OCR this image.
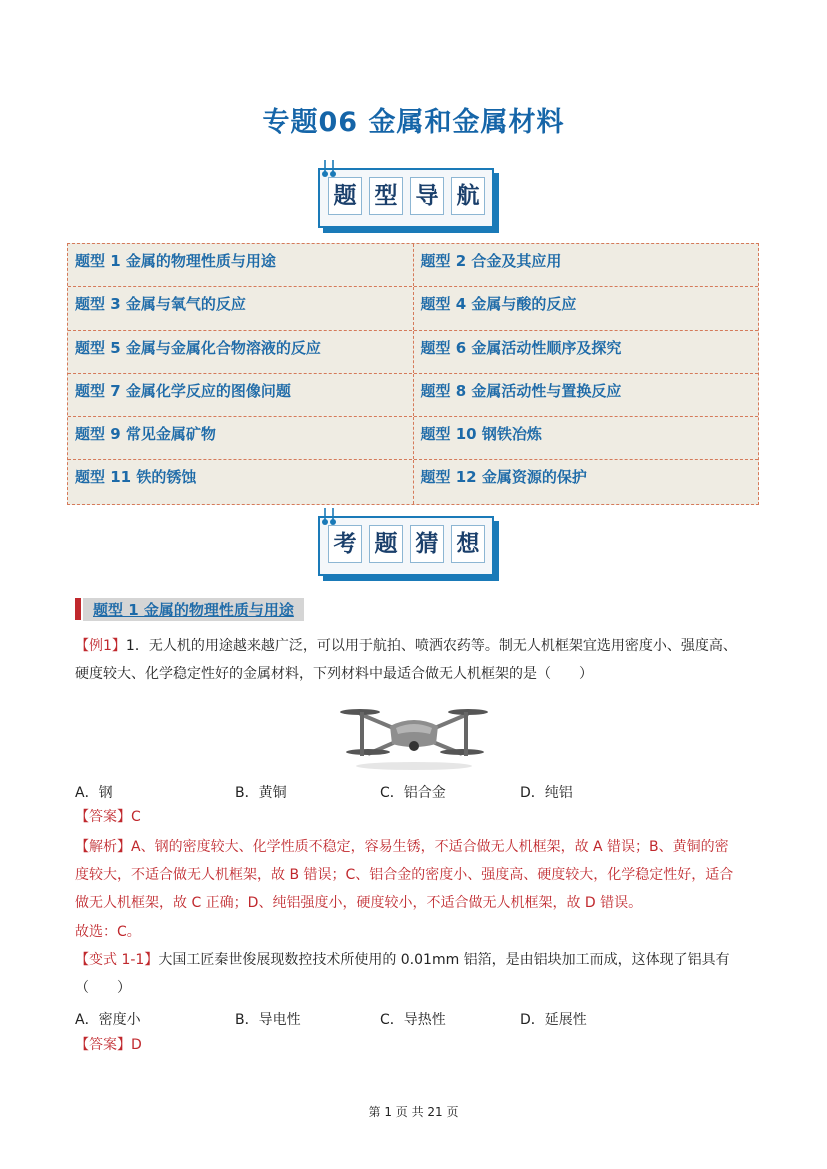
专题06 金属和金属材料
题 型 导 航
题型 1 金属的物理性质与用途	题型 2 合金及其应用
题型 3 金属与氧气的反应	题型 4 金属与酸的反应
题型 5 金属与金属化合物溶液的反应	题型 6 金属活动性顺序及探究
题型 7 金属化学反应的图像问题	题型 8 金属活动性与置换反应
题型 9 常见金属矿物	题型 10 钢铁冶炼
题型 11 铁的锈蚀	题型 12 金属资源的保护
考 题 猜 想
题型 1 金属的物理性质与用途
【例1】1．无人机的用途越来越广泛，可以用于航拍、喷洒农药等。制无人机框架宜选用密度小、强度高、
硬度较大、化学稳定性好的金属材料，下列材料中最适合做无人机框架的是（　　）
A．钢	B．黄铜	C．铝合金	D．纯铝
【答案】C
【解析】A、钢的密度较大、化学性质不稳定，容易生锈，不适合做无人机框架，故 A 错误；B、黄铜的密
度较大，不适合做无人机框架，故 B 错误；C、铝合金的密度小、强度高、硬度较大，化学稳定性好，适合
做无人机框架，故 C 正确；D、纯铝强度小，硬度较小，不适合做无人机框架，故 D 错误。
故选：C。
【变式 1-1】大国工匠秦世俊展现数控技术所使用的 0.01mm 铝箔，是由铝块加工而成，这体现了铝具有
（　　）
A．密度小	B．导电性	C．导热性	D．延展性
【答案】D
第 1 页 共 21 页
